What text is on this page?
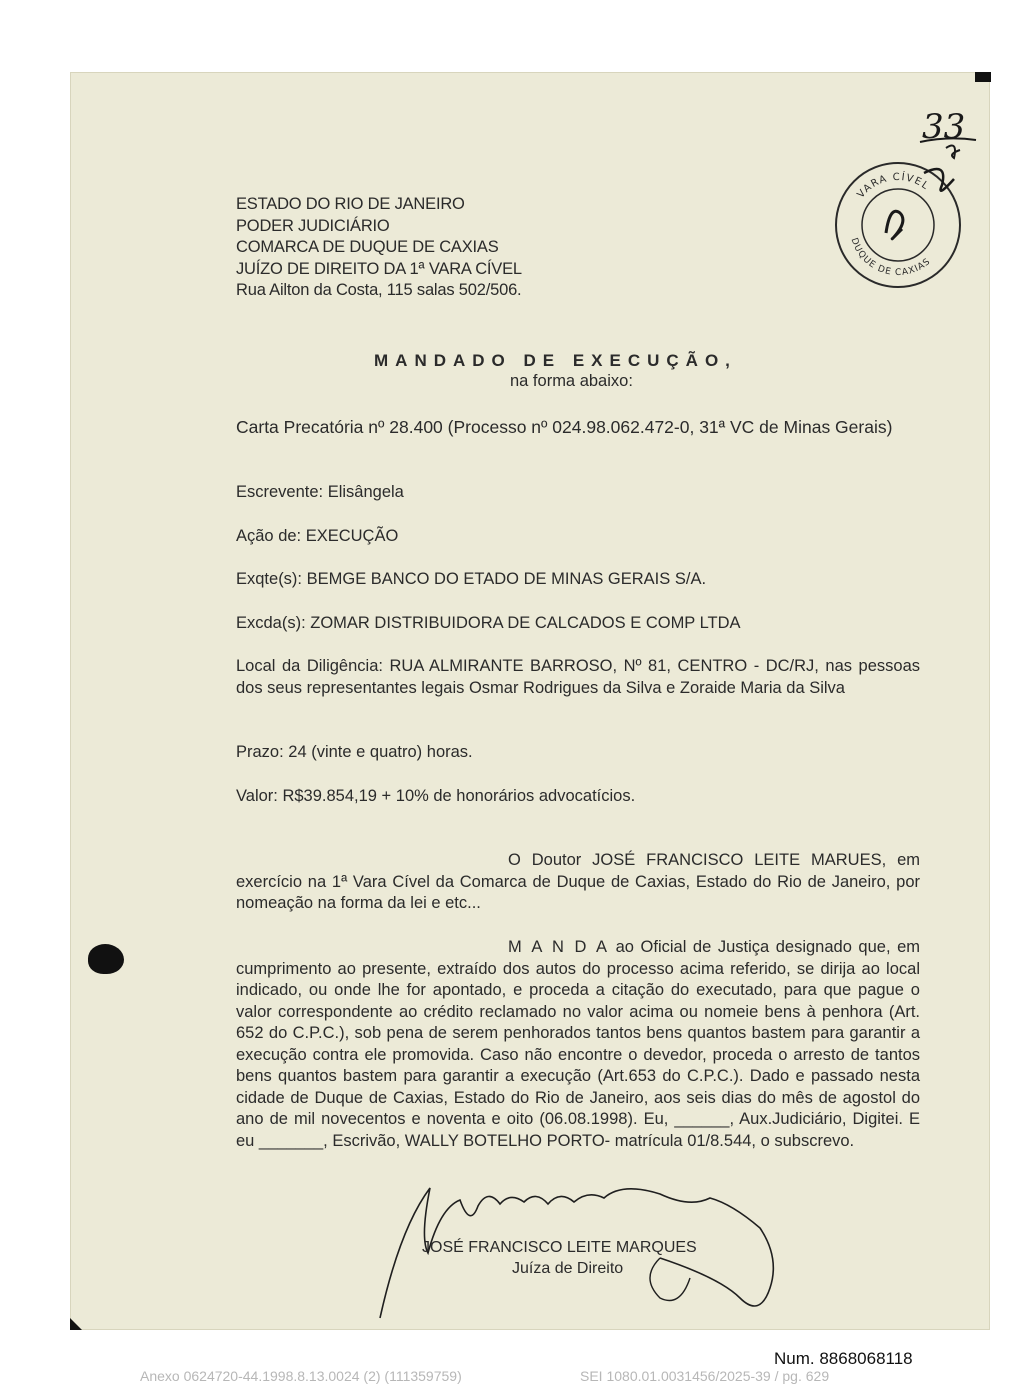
33
VARA CÍVEL
DUQUE DE CAXIAS
ESTADO DO RIO DE JANEIRO
PODER JUDICIÁRIO
COMARCA DE DUQUE DE CAXIAS
JUÍZO DE DIREITO DA 1ª VARA CÍVEL
Rua Ailton da Costa, 115 salas 502/506.
MANDADO DE EXECUÇÃO,
na forma abaixo:
Carta Precatória nº 28.400 (Processo nº 024.98.062.472-0, 31ª VC de Minas Gerais)
Escrevente: Elisângela
Ação de: EXECUÇÃO
Exqte(s): BEMGE BANCO DO ETADO DE MINAS GERAIS S/A.
Excda(s): ZOMAR DISTRIBUIDORA DE CALCADOS E COMP LTDA
Local da Diligência: RUA ALMIRANTE BARROSO, Nº 81, CENTRO - DC/RJ, nas pessoas dos seus representantes legais Osmar Rodrigues da Silva e Zoraide Maria da Silva
Prazo: 24 (vinte e quatro) horas.
Valor: R$39.854,19 + 10% de honorários advocatícios.
O Doutor JOSÉ FRANCISCO LEITE MARUES, em exercício na 1ª Vara Cível da Comarca de Duque de Caxias, Estado do Rio de Janeiro, por nomeação na forma da lei e etc...
M A N D A ao Oficial de Justiça designado que, em cumprimento ao presente, extraído dos autos do processo acima referido, se dirija ao local indicado, ou onde lhe for apontado, e proceda a citação do executado, para que pague o valor correspondente ao crédito reclamado no valor acima ou nomeie bens à penhora (Art. 652 do C.P.C.), sob pena de serem penhorados tantos bens quantos bastem para garantir a execução contra ele promovida. Caso não encontre o devedor, proceda o arresto de tantos bens quantos bastem para garantir a execução (Art.653 do C.P.C.). Dado e passado nesta cidade de Duque de Caxias, Estado do Rio de Janeiro, aos seis dias do mês de agostol do ano de mil novecentos e noventa e oito (06.08.1998). Eu, ______, Aux.Judiciário, Digitei. E eu _______, Escrivão, WALLY BOTELHO PORTO- matrícula 01/8.544, o subscrevo.
JOSÉ FRANCISCO LEITE MARQUES
Juíza de Direito
Num. 8868068118
Anexo 0624720-44.1998.8.13.0024 (2) (111359759)	SEI 1080.01.0031456/2025-39 / pg. 629
